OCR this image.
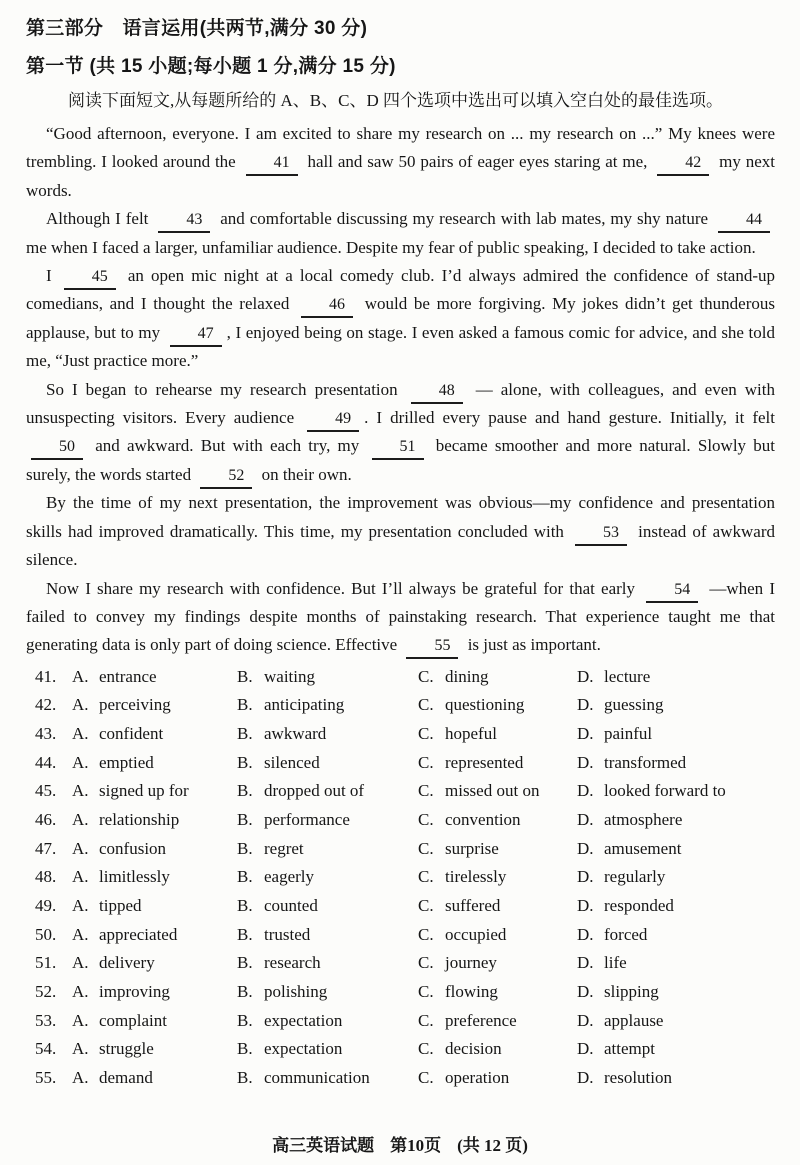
第三部分　语言运用(共两节,满分 30 分)

第一节 (共 15 小题;每小题 1 分,满分 15 分)

阅读下面短文,从每题所给的 A、B、C、D 四个选项中选出可以填入空白处的最佳选项。

“Good afternoon, everyone. I am excited to share my research on ... my research on ...” My knees were trembling. I looked around the 41 hall and saw 50 pairs of eager eyes staring at me, 42 my next words.

Although I felt 43 and comfortable discussing my research with lab mates, my shy nature 44 me when I faced a larger, unfamiliar audience. Despite my fear of public speaking, I decided to take action.

I 45 an open mic night at a local comedy club. I’d always admired the confidence of stand-up comedians, and I thought the relaxed 46 would be more forgiving. My jokes didn’t get thunderous applause, but to my 47 , I enjoyed being on stage. I even asked a famous comic for advice, and she told me, “Just practice more.”

So I began to rehearse my research presentation 48 — alone, with colleagues, and even with unsuspecting visitors. Every audience 49 . I drilled every pause and hand gesture. Initially, it felt 50 and awkward. But with each try, my 51 became smoother and more natural. Slowly but surely, the words started 52 on their own.

By the time of my next presentation, the improvement was obvious—my confidence and presentation skills had improved dramatically. This time, my presentation concluded with 53 instead of awkward silence.

Now I share my research with confidence. But I’ll always be grateful for that early 54 —when I failed to convey my findings despite months of painstaking research. That experience taught me that generating data is only part of doing science. Effective 55 is just as important.

41. A. entrance	B. waiting	C. dining	D. lecture
42. A. perceiving	B. anticipating	C. questioning	D. guessing
43. A. confident	B. awkward	C. hopeful	D. painful
44. A. emptied	B. silenced	C. represented	D. transformed
45. A. signed up for	B. dropped out of	C. missed out on	D. looked forward to
46. A. relationship	B. performance	C. convention	D. atmosphere
47. A. confusion	B. regret	C. surprise	D. amusement
48. A. limitlessly	B. eagerly	C. tirelessly	D. regularly
49. A. tipped	B. counted	C. suffered	D. responded
50. A. appreciated	B. trusted	C. occupied	D. forced
51. A. delivery	B. research	C. journey	D. life
52. A. improving	B. polishing	C. flowing	D. slipping
53. A. complaint	B. expectation	C. preference	D. applause
54. A. struggle	B. expectation	C. decision	D. attempt
55. A. demand	B. communication	C. operation	D. resolution
高三英语试题 第10页 (共 12 页)
